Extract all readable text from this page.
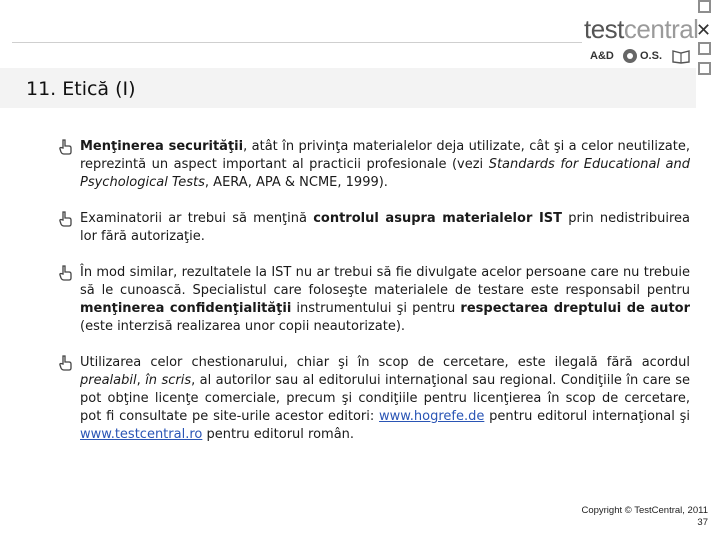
✕
testcentral
A&D O.S.
11. Etică (I)
Menţinerea securităţii, atât în privinţa materialelor deja utilizate, cât şi a celor neutilizate, reprezintă un aspect important al practicii profesionale (vezi Standards for Educational and Psychological Tests, AERA, APA & NCME, 1999).
Examinatorii ar trebui să menţină controlul asupra materialelor IST prin nedistribuirea lor fără autorizaţie.
În mod similar, rezultatele la IST nu ar trebui să fie divulgate acelor persoane care nu trebuie să le cunoască. Specialistul care foloseşte materialele de testare este responsabil pentru menţinerea confidenţialităţii instrumentului şi pentru respectarea dreptului de autor (este interzisă realizarea unor copii neautorizate).
Utilizarea celor chestionarului, chiar şi în scop de cercetare, este ilegală fără acordul prealabil, în scris, al autorilor sau al editorului internaţional sau regional. Condiţiile în care se pot obţine licenţe comerciale, precum şi condiţiile pentru licenţierea în scop de cercetare, pot fi consultate pe site-urile acestor editori: www.hogrefe.de pentru editorul internaţional şi www.testcentral.ro pentru editorul român.
Copyright © TestCentral, 2011
37
